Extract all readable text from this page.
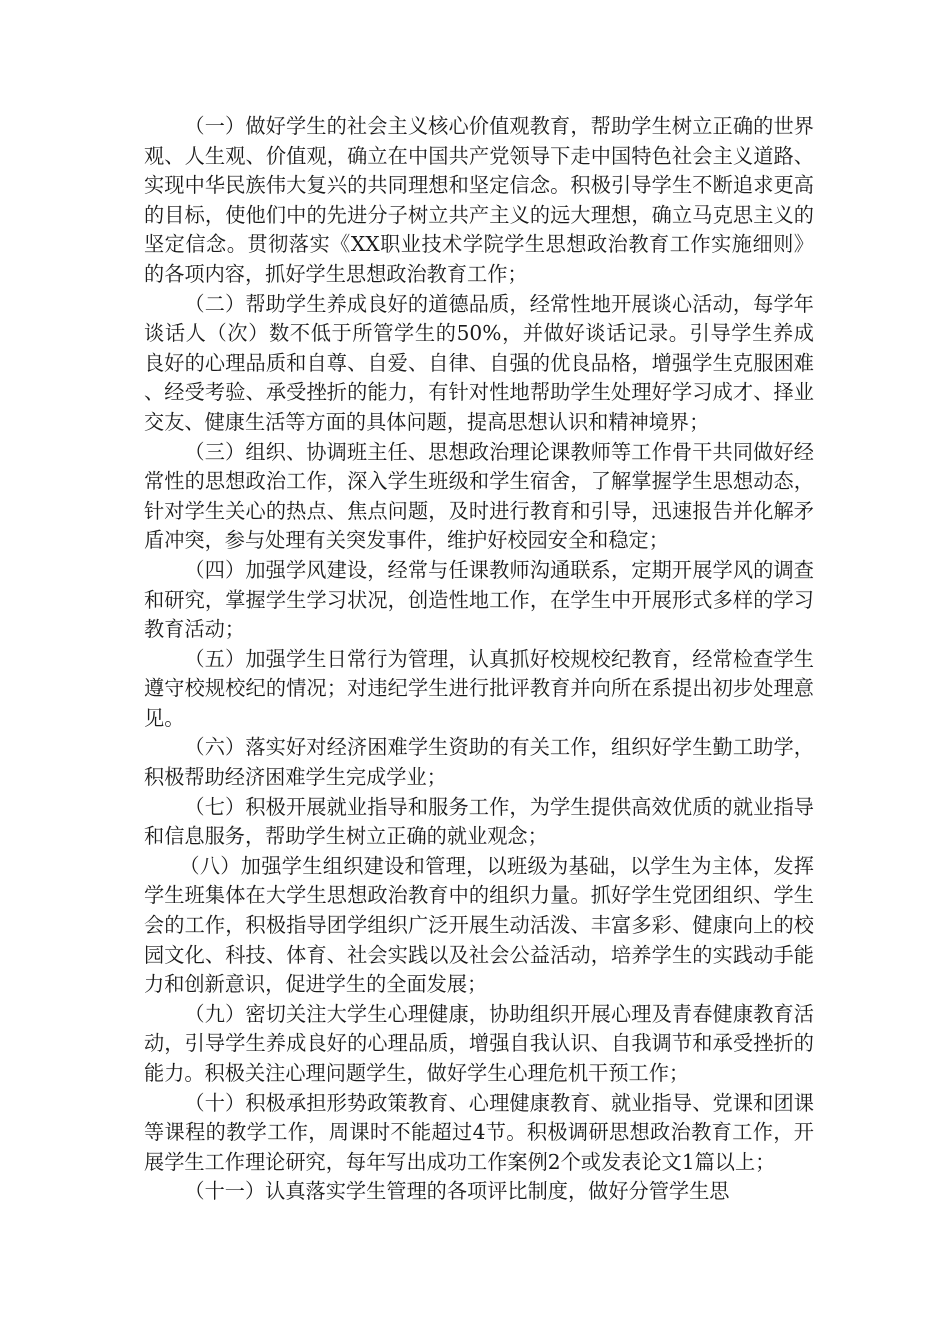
（一）做好学生的社会主义核心价值观教育，帮助学生树立正确的世界观、人生观、价值观，确立在中国共产党领导下走中国特色社会主义道路、实现中华民族伟大复兴的共同理想和坚定信念。积极引导学生不断追求更高的目标，使他们中的先进分子树立共产主义的远大理想，确立马克思主义的坚定信念。贯彻落实《XX职业技术学院学生思想政治教育工作实施细则》的各项内容，抓好学生思想政治教育工作；

（二）帮助学生养成良好的道德品质，经常性地开展谈心活动，每学年谈话人（次）数不低于所管学生的50%，并做好谈话记录。引导学生养成良好的心理品质和自尊、自爱、自律、自强的优良品格，增强学生克服困难、经受考验、承受挫折的能力，有针对性地帮助学生处理好学习成才、择业交友、健康生活等方面的具体问题，提高思想认识和精神境界；

（三）组织、协调班主任、思想政治理论课教师等工作骨干共同做好经常性的思想政治工作，深入学生班级和学生宿舍，了解掌握学生思想动态，针对学生关心的热点、焦点问题，及时进行教育和引导，迅速报告并化解矛盾冲突，参与处理有关突发事件，维护好校园安全和稳定；

（四）加强学风建设，经常与任课教师沟通联系，定期开展学风的调查和研究，掌握学生学习状况，创造性地工作，在学生中开展形式多样的学习教育活动；

（五）加强学生日常行为管理，认真抓好校规校纪教育，经常检查学生遵守校规校纪的情况；对违纪学生进行批评教育并向所在系提出初步处理意见。

（六）落实好对经济困难学生资助的有关工作，组织好学生勤工助学，积极帮助经济困难学生完成学业；

（七）积极开展就业指导和服务工作，为学生提供高效优质的就业指导和信息服务，帮助学生树立正确的就业观念；

（八）加强学生组织建设和管理，以班级为基础，以学生为主体，发挥学生班集体在大学生思想政治教育中的组织力量。抓好学生党团组织、学生会的工作，积极指导团学组织广泛开展生动活泼、丰富多彩、健康向上的校园文化、科技、体育、社会实践以及社会公益活动，培养学生的实践动手能力和创新意识，促进学生的全面发展；

（九）密切关注大学生心理健康，协助组织开展心理及青春健康教育活动，引导学生养成良好的心理品质，增强自我认识、自我调节和承受挫折的能力。积极关注心理问题学生，做好学生心理危机干预工作；

（十）积极承担形势政策教育、心理健康教育、就业指导、党课和团课等课程的教学工作，周课时不能超过4节。积极调研思想政治教育工作，开展学生工作理论研究，每年写出成功工作案例2个或发表论文1篇以上；

（十一）认真落实学生管理的各项评比制度，做好分管学生思
